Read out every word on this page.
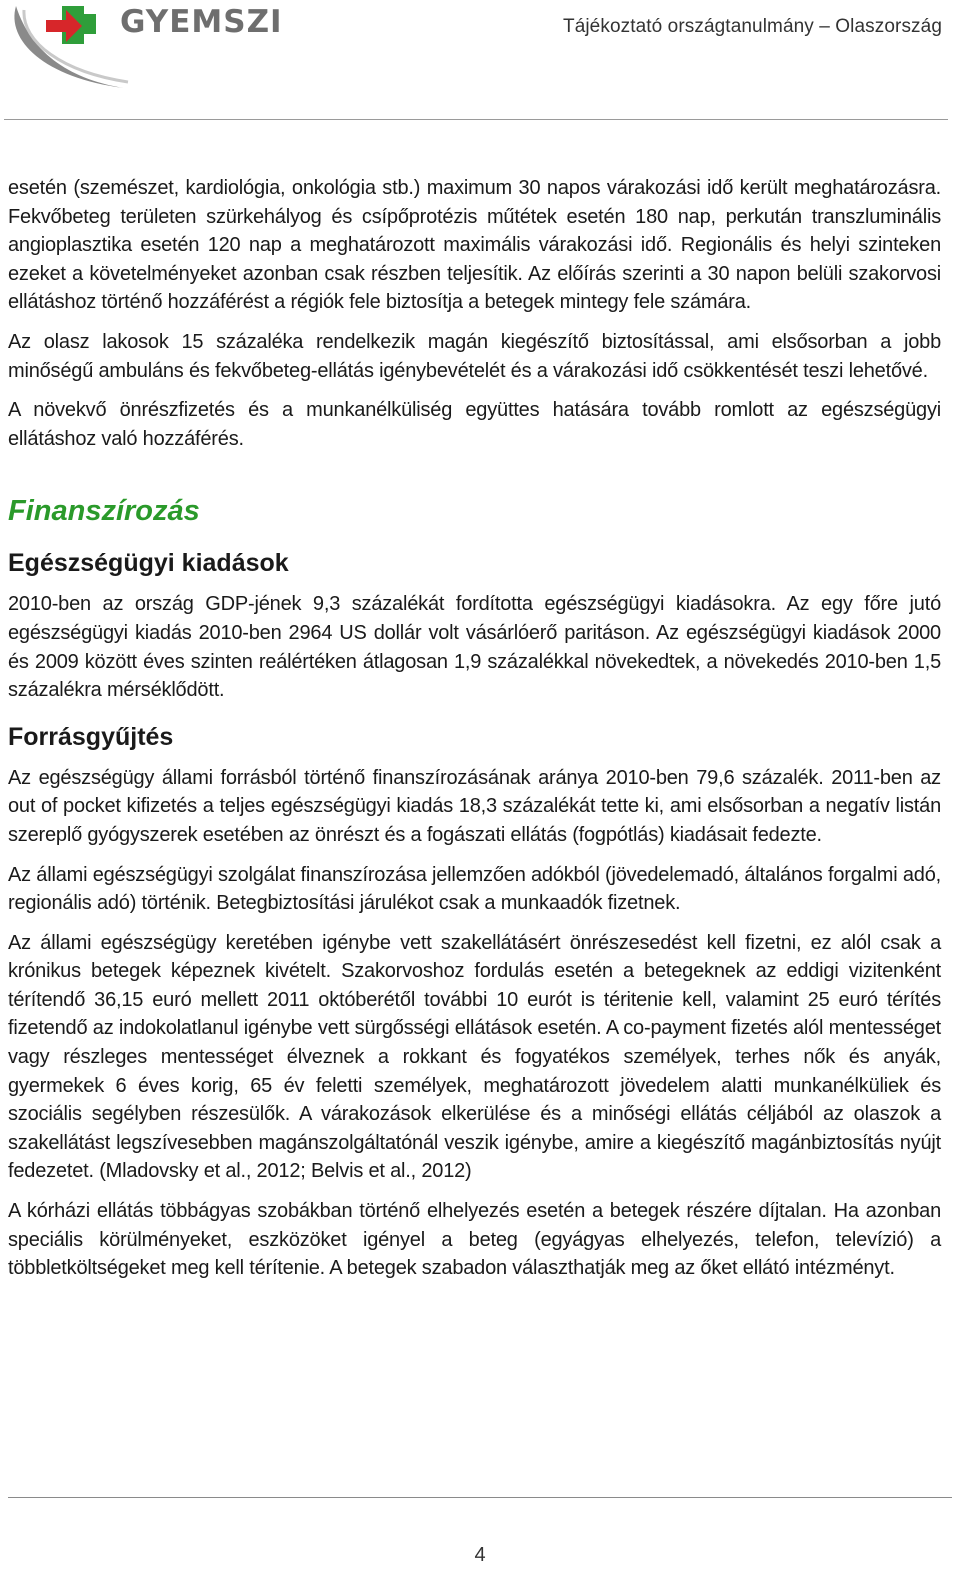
GYEMSZI	Tájékoztató országtanulmány – Olaszország

esetén (szemészet, kardiológia, onkológia stb.) maximum 30 napos várakozási idő került meghatározásra. Fekvőbeteg területen szürkehályog és csípőprotézis műtétek esetén 180 nap, perkután transzluminális angioplasztika esetén 120 nap a meghatározott maximális várakozási idő. Regionális és helyi szinteken ezeket a követelményeket azonban csak részben teljesítik. Az előírás szerinti a 30 napon belüli szakorvosi ellátáshoz történő hozzáférést a régiók fele biztosítja a betegek mintegy fele számára.

Az olasz lakosok 15 százaléka rendelkezik magán kiegészítő biztosítással, ami elsősorban a jobb minőségű ambuláns és fekvőbeteg-ellátás igénybevételét és a várakozási idő csökkentését teszi lehetővé.

A növekvő önrészfizetés és a munkanélküliség együttes hatására tovább romlott az egészségügyi ellátáshoz való hozzáférés.

Finanszírozás
Egészségügyi kiadások

2010-ben az ország GDP-jének 9,3 százalékát fordította egészségügyi kiadásokra. Az egy főre jutó egészségügyi kiadás 2010-ben 2964 US dollár volt vásárlóerő paritáson. Az egészségügyi kiadások 2000 és 2009 között éves szinten reálértéken átlagosan 1,9 százalékkal növekedtek, a növekedés 2010-ben 1,5 százalékra mérséklődött.

Forrásgyűjtés

Az egészségügy állami forrásból történő finanszírozásának aránya 2010-ben 79,6 százalék. 2011-ben az out of pocket kifizetés a teljes egészségügyi kiadás 18,3 százalékát tette ki, ami elsősorban a negatív listán szereplő gyógyszerek esetében az önrészt és a fogászati ellátás (fogpótlás) kiadásait fedezte.

Az állami egészségügyi szolgálat finanszírozása jellemzően adókból (jövedelemadó, általános forgalmi adó, regionális adó) történik. Betegbiztosítási járulékot csak a munkaadók fizetnek.

Az állami egészségügy keretében igénybe vett szakellátásért önrészesedést kell fizetni, ez alól csak a krónikus betegek képeznek kivételt. Szakorvoshoz fordulás esetén a betegeknek az eddigi vizitenként térítendő 36,15 euró mellett 2011 októberétől további 10 eurót is téritenie kell, valamint 25 euró térítés fizetendő az indokolatlanul igénybe vett sürgősségi ellátások esetén. A co-payment fizetés alól mentességet vagy részleges mentességet élveznek a rokkant és fogyatékos személyek, terhes nők és anyák, gyermekek 6 éves korig, 65 év feletti személyek, meghatározott jövedelem alatti munkanélküliek és szociális segélyben részesülők. A várakozások elkerülése és a minőségi ellátás céljából az olaszok a szakellátást legszívesebben magánszolgáltatónál veszik igénybe, amire a kiegészítő magánbiztosítás nyújt fedezetet. (Mladovsky et al., 2012; Belvis et al., 2012)

A kórházi ellátás többágyas szobákban történő elhelyezés esetén a betegek részére díjtalan. Ha azonban speciális körülményeket, eszközöket igényel a beteg (egyágyas elhelyezés, telefon, televízió) a többletköltségeket meg kell térítenie. A betegek szabadon választhatják meg az őket ellátó intézményt.

4
